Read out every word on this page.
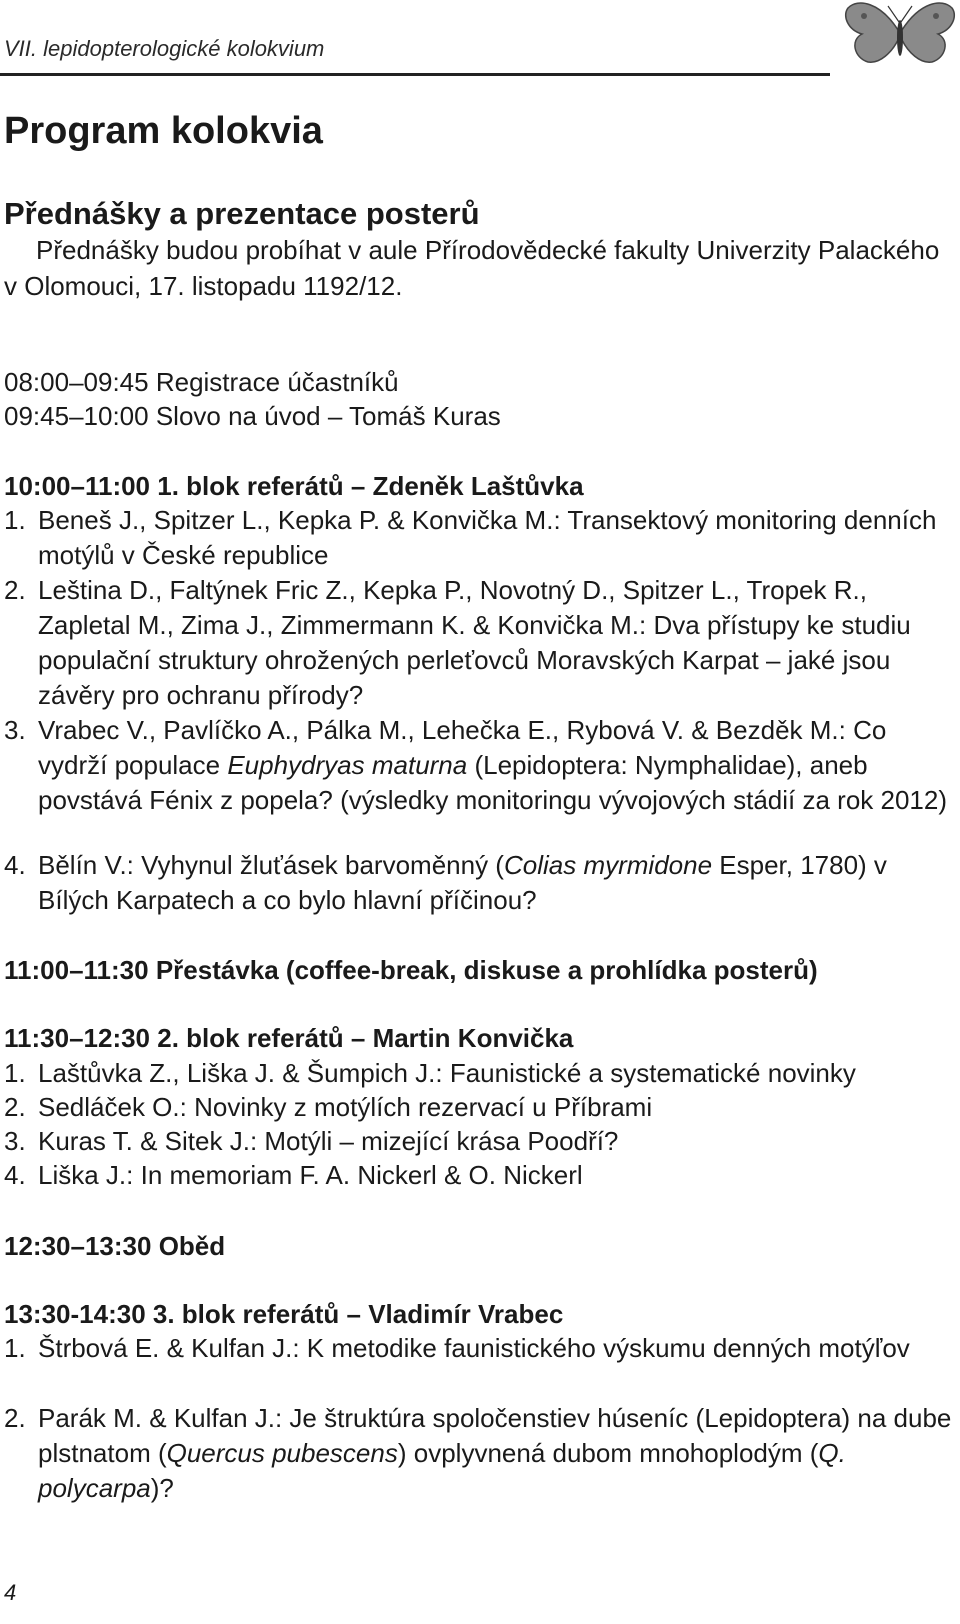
VII. lepidopterologické kolokvium
Program kolokvia
Přednášky a prezentace posterů

Přednášky budou probíhat v aule Přírodovědecké fakulty Univerzity Palackého v Olomouci, 17. listopadu 1192/12.

08:00–09:45 Registrace účastníků
09:45–10:00 Slovo na úvod – Tomáš Kuras
10:00–11:00 1. blok referátů – Zdeněk Laštůvka
1. Beneš J., Spitzer L., Kepka P. & Konvička M.: Transektový monitoring denních motýlů v České republice
2. Leština D., Faltýnek Fric Z., Kepka P., Novotný D., Spitzer L., Tropek R., Zapletal M., Zima J., Zimmermann K. & Konvička M.: Dva přístupy ke studiu populační struktury ohrožených perleťovců Moravských Karpat – jaké jsou závěry pro ochranu přírody?
3. Vrabec V., Pavlíčko A., Pálka M., Lehečka E., Rybová V. & Bezděk M.: Co vydrží populace Euphydryas maturna (Lepidoptera: Nymphalidae), aneb povstává Fénix z popela? (výsledky monitoringu vývojových stádií za rok 2012)
4. Bělín V.: Vyhynul žluťásek barvoměnný (Colias myrmidone Esper, 1780) v Bílých Karpatech a co bylo hlavní příčinou?
11:00–11:30 Přestávka (coffee-break, diskuse a prohlídka posterů)
11:30–12:30 2. blok referátů – Martin Konvička
1. Laštůvka Z., Liška J. & Šumpich J.: Faunistické a systematické novinky
2. Sedláček O.: Novinky z motýlích rezervací u Příbrami
3. Kuras T. & Sitek J.: Motýli – mizející krása Poodří?
4. Liška J.: In memoriam F. A. Nickerl & O. Nickerl
12:30–13:30 Oběd
13:30-14:30 3. blok referátů – Vladimír Vrabec
1. Štrbová E. & Kulfan J.: K metodike faunistického výskumu denných motýľov
2. Parák M. & Kulfan J.: Je štruktúra spoločenstiev húseníc (Lepidoptera) na dube plstnatom (Quercus pubescens) ovplyvnená dubom mnohoplodým (Q. polycarpa)?
4
